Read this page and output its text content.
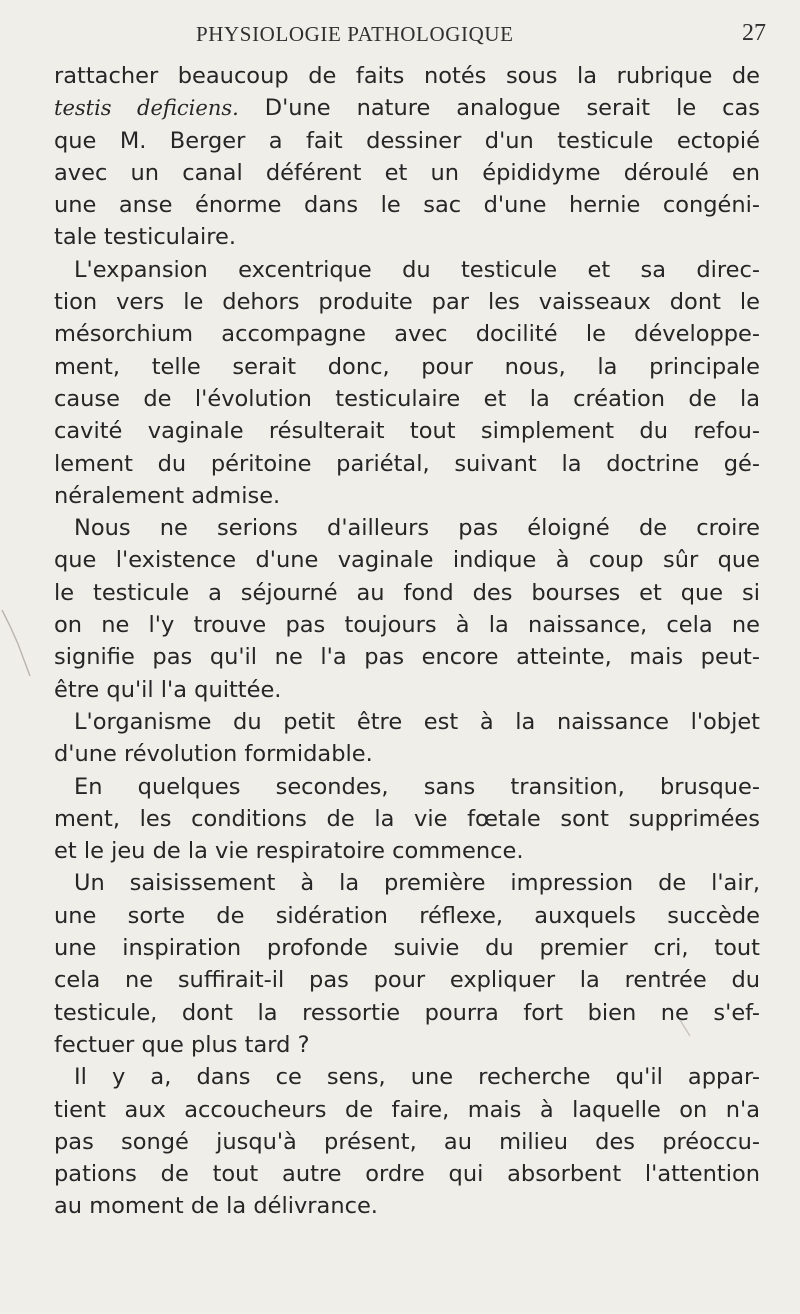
PHYSIOLOGIE PATHOLOGIQUE	27
rattacher beaucoup de faits notés sous la rubrique de
testis deficiens. D'une nature analogue serait le cas
que M. Berger a fait dessiner d'un testicule ectopié
avec un canal déférent et un épididyme déroulé en
une anse énorme dans le sac d'une hernie congéni-
tale testiculaire.
L'expansion excentrique du testicule et sa direc-
tion vers le dehors produite par les vaisseaux dont le
mésorchium accompagne avec docilité le développe-
ment, telle serait donc, pour nous, la principale
cause de l'évolution testiculaire et la création de la
cavité vaginale résulterait tout simplement du refou-
lement du péritoine pariétal, suivant la doctrine gé-
néralement admise.
Nous ne serions d'ailleurs pas éloigné de croire
que l'existence d'une vaginale indique à coup sûr que
le testicule a séjourné au fond des bourses et que si
on ne l'y trouve pas toujours à la naissance, cela ne
signifie pas qu'il ne l'a pas encore atteinte, mais peut-
être qu'il l'a quittée.
L'organisme du petit être est à la naissance l'objet
d'une révolution formidable.
En quelques secondes, sans transition, brusque-
ment, les conditions de la vie fœtale sont supprimées
et le jeu de la vie respiratoire commence.
Un saisissement à la première impression de l'air,
une sorte de sidération réflexe, auxquels succède
une inspiration profonde suivie du premier cri, tout
cela ne suffirait-il pas pour expliquer la rentrée du
testicule, dont la ressortie pourra fort bien ne s'ef-
fectuer que plus tard ?
Il y a, dans ce sens, une recherche qu'il appar-
tient aux accoucheurs de faire, mais à laquelle on n'a
pas songé jusqu'à présent, au milieu des préoccu-
pations de tout autre ordre qui absorbent l'attention
au moment de la délivrance.
